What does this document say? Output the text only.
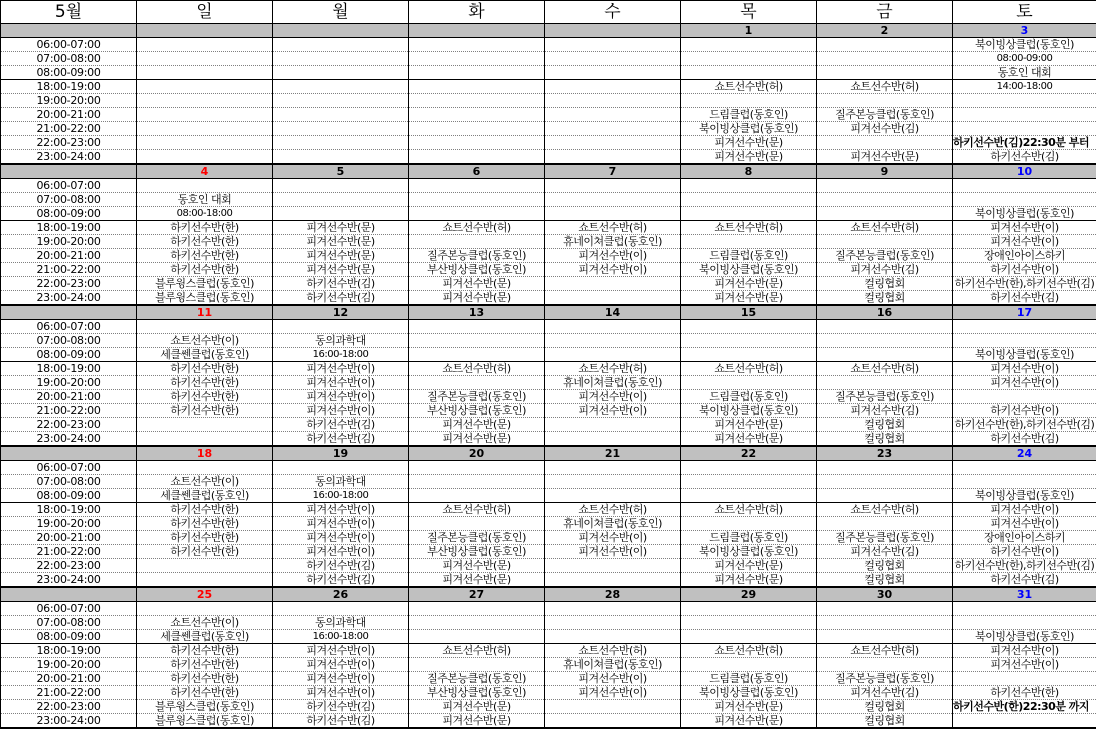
5월	일	월	화	수	목	금	토
					1	2	3
06:00-07:00							북이빙상클럽(동호인)
07:00-08:00							08:00-09:00
08:00-09:00							동호인 대회
18:00-19:00					쇼트선수반(허)	쇼트선수반(허)	14:00-18:00
19:00-20:00							
20:00-21:00					드림클럽(동호인)	질주본능클럽(동호인)	
21:00-22:00					북이빙상클럽(동호인)	피겨선수반(김)	
22:00-23:00					피겨선수반(문)		하키선수반(김)22:30분 부터
23:00-24:00					피겨선수반(문)	피겨선수반(문)	하키선수반(김)
	4	5	6	7	8	9	10
06:00-07:00							
07:00-08:00	동호인 대회						
08:00-09:00	08:00-18:00						북이빙상클럽(동호인)
18:00-19:00	하키선수반(한)	피겨선수반(문)	쇼트선수반(허)	쇼트선수반(허)	쇼트선수반(허)	쇼트선수반(허)	피겨선수반(이)
19:00-20:00	하키선수반(한)	피겨선수반(문)		휴네이쳐클럽(동호인)			피겨선수반(이)
20:00-21:00	하키선수반(한)	피겨선수반(문)	질주본능클럽(동호인)	피겨선수반(이)	드림클럽(동호인)	질주본능클럽(동호인)	장애인아이스하키
21:00-22:00	하키선수반(한)	피겨선수반(문)	부산빙상클럽(동호인)	피겨선수반(이)	북이빙상클럽(동호인)	피겨선수반(김)	하키선수반(이)
22:00-23:00	블루윙스클럽(동호인)	하키선수반(김)	피겨선수반(문)		피겨선수반(문)	컬링협회	하키선수반(한),하키선수반(김)
23:00-24:00	블루윙스클럽(동호인)	하키선수반(김)	피겨선수반(문)		피겨선수반(문)	컬링협회	하키선수반(김)
	11	12	13	14	15	16	17
06:00-07:00							
07:00-08:00	쇼트선수반(이)	동의과학대					
08:00-09:00	세클쎈클럽(동호인)	16:00-18:00					북이빙상클럽(동호인)
18:00-19:00	하키선수반(한)	피겨선수반(이)	쇼트선수반(허)	쇼트선수반(허)	쇼트선수반(허)	쇼트선수반(허)	피겨선수반(이)
19:00-20:00	하키선수반(한)	피겨선수반(이)		휴네이쳐클럽(동호인)			피겨선수반(이)
20:00-21:00	하키선수반(한)	피겨선수반(이)	질주본능클럽(동호인)	피겨선수반(이)	드림클럽(동호인)	질주본능클럽(동호인)	
21:00-22:00	하키선수반(한)	피겨선수반(이)	부산빙상클럽(동호인)	피겨선수반(이)	북이빙상클럽(동호인)	피겨선수반(김)	하키선수반(이)
22:00-23:00		하키선수반(김)	피겨선수반(문)		피겨선수반(문)	컬링협회	하키선수반(한),하키선수반(김)
23:00-24:00		하키선수반(김)	피겨선수반(문)		피겨선수반(문)	컬링협회	하키선수반(김)
	18	19	20	21	22	23	24
06:00-07:00							
07:00-08:00	쇼트선수반(이)	동의과학대					
08:00-09:00	세클쎈클럽(동호인)	16:00-18:00					북이빙상클럽(동호인)
18:00-19:00	하키선수반(한)	피겨선수반(이)	쇼트선수반(허)	쇼트선수반(허)	쇼트선수반(허)	쇼트선수반(허)	피겨선수반(이)
19:00-20:00	하키선수반(한)	피겨선수반(이)		휴네이쳐클럽(동호인)			피겨선수반(이)
20:00-21:00	하키선수반(한)	피겨선수반(이)	질주본능클럽(동호인)	피겨선수반(이)	드림클럽(동호인)	질주본능클럽(동호인)	장애인아이스하키
21:00-22:00	하키선수반(한)	피겨선수반(이)	부산빙상클럽(동호인)	피겨선수반(이)	북이빙상클럽(동호인)	피겨선수반(김)	하키선수반(이)
22:00-23:00		하키선수반(김)	피겨선수반(문)		피겨선수반(문)	컬링협회	하키선수반(한),하키선수반(김)
23:00-24:00		하키선수반(김)	피겨선수반(문)		피겨선수반(문)	컬링협회	하키선수반(김)
	25	26	27	28	29	30	31
06:00-07:00							
07:00-08:00	쇼트선수반(이)	동의과학대					
08:00-09:00	세클쎈클럽(동호인)	16:00-18:00					북이빙상클럽(동호인)
18:00-19:00	하키선수반(한)	피겨선수반(이)	쇼트선수반(허)	쇼트선수반(허)	쇼트선수반(허)	쇼트선수반(허)	피겨선수반(이)
19:00-20:00	하키선수반(한)	피겨선수반(이)		휴네이쳐클럽(동호인)			피겨선수반(이)
20:00-21:00	하키선수반(한)	피겨선수반(이)	질주본능클럽(동호인)	피겨선수반(이)	드림클럽(동호인)	질주본능클럽(동호인)	
21:00-22:00	하키선수반(한)	피겨선수반(이)	부산빙상클럽(동호인)	피겨선수반(이)	북이빙상클럽(동호인)	피겨선수반(김)	하키선수반(한)
22:00-23:00	블루윙스클럽(동호인)	하키선수반(김)	피겨선수반(문)		피겨선수반(문)	컬링협회	하키선수반(한)22:30분 까지
23:00-24:00	블루윙스클럽(동호인)	하키선수반(김)	피겨선수반(문)		피겨선수반(문)	컬링협회	
